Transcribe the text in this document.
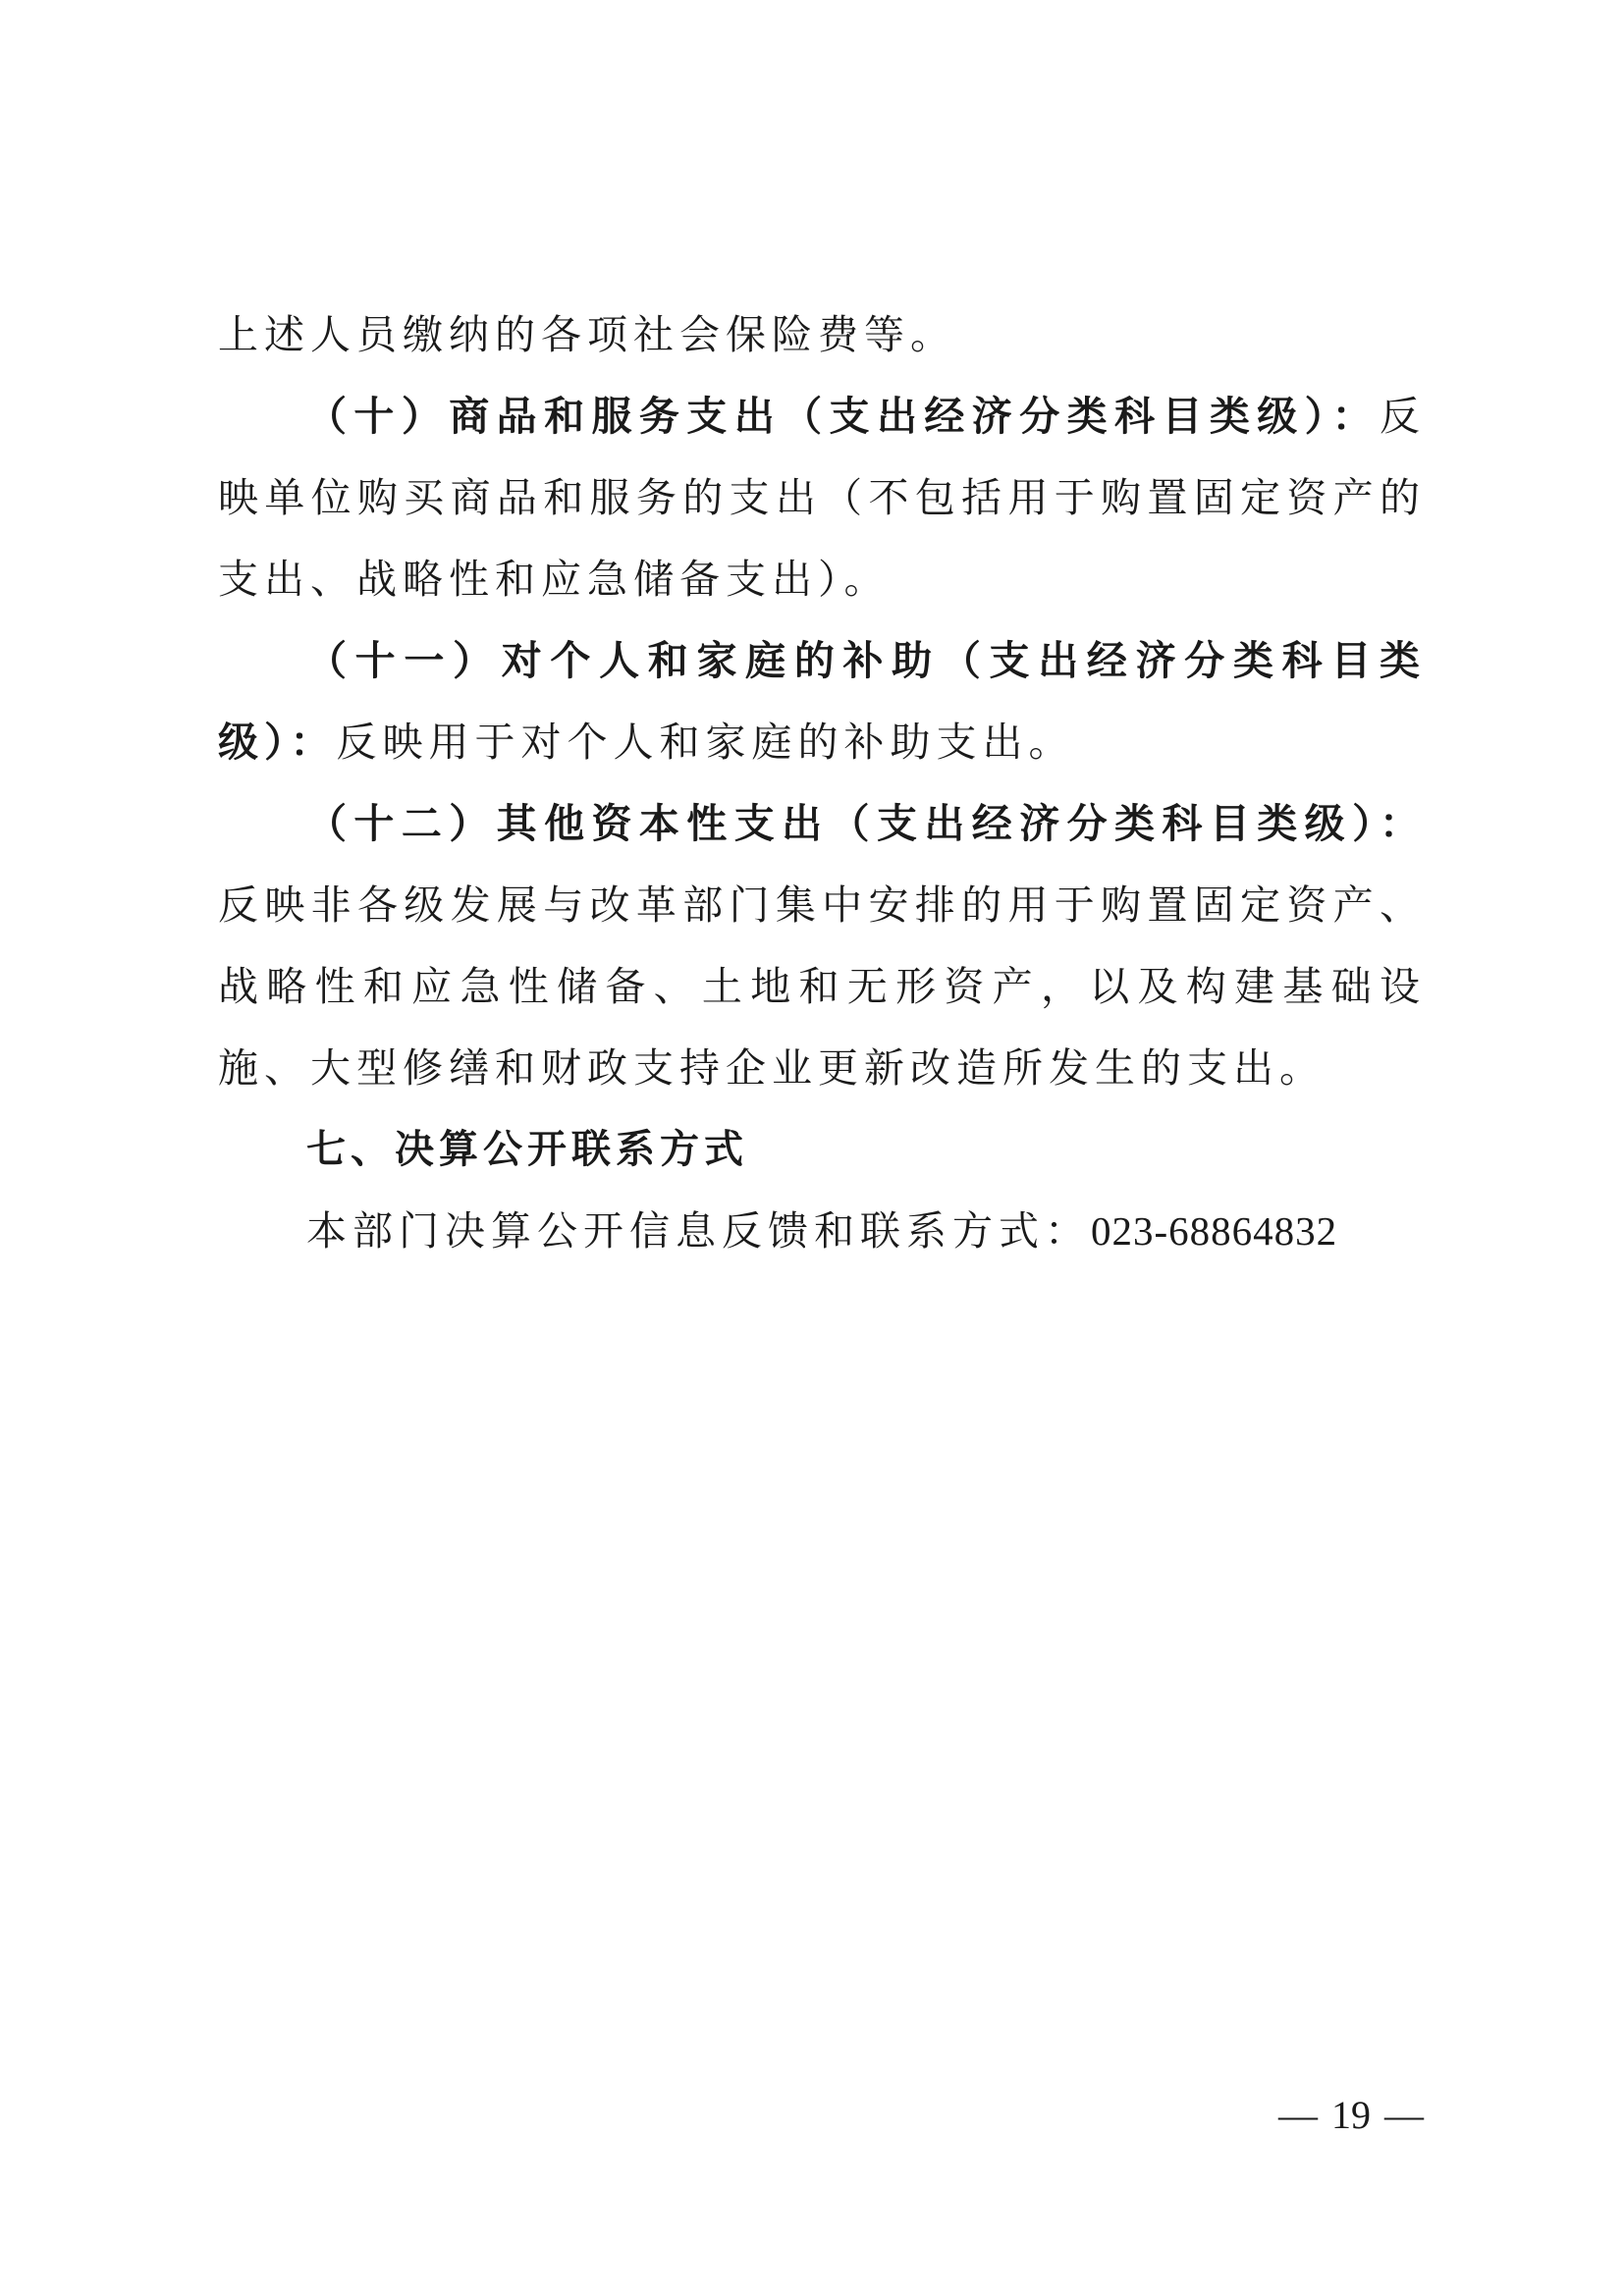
上述人员缴纳的各项社会保险费等。

（十）商品和服务支出（支出经济分类科目类级）：反映单位购买商品和服务的支出（不包括用于购置固定资产的支出、战略性和应急储备支出）。

（十一）对个人和家庭的补助（支出经济分类科目类级）：反映用于对个人和家庭的补助支出。

（十二）其他资本性支出（支出经济分类科目类级）：反映非各级发展与改革部门集中安排的用于购置固定资产、战略性和应急性储备、土地和无形资产，以及构建基础设施、大型修缮和财政支持企业更新改造所发生的支出。

七、决算公开联系方式

本部门决算公开信息反馈和联系方式：023-68864832

— 19 —
